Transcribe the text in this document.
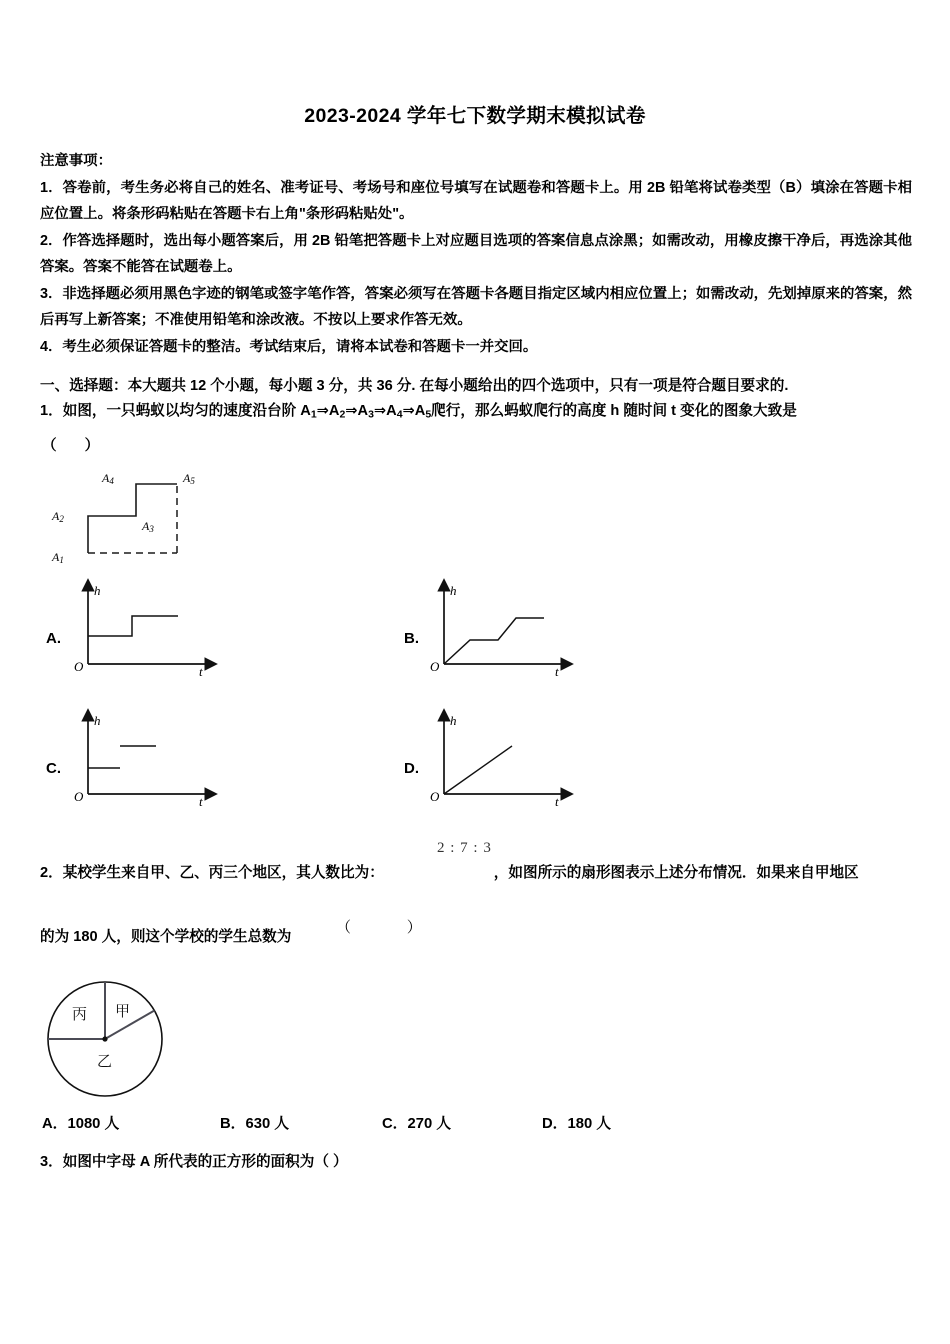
2023-2024 学年七下数学期末模拟试卷
注意事项：
1．答卷前，考生务必将自己的姓名、准考证号、考场号和座位号填写在试题卷和答题卡上。用 2B 铅笔将试卷类型（B）填涂在答题卡相应位置上。将条形码粘贴在答题卡右上角"条形码粘贴处"。
2．作答选择题时，选出每小题答案后，用 2B 铅笔把答题卡上对应题目选项的答案信息点涂黑；如需改动，用橡皮擦干净后，再选涂其他答案。答案不能答在试题卷上。
3．非选择题必须用黑色字迹的钢笔或签字笔作答，答案必须写在答题卡各题目指定区域内相应位置上；如需改动，先划掉原来的答案，然后再写上新答案；不准使用铅笔和涂改液。不按以上要求作答无效。
4．考生必须保证答题卡的整洁。考试结束后，请将本试卷和答题卡一并交回。
一、选择题：本大题共 12 个小题，每小题 3 分，共 36 分. 在每小题给出的四个选项中，只有一项是符合题目要求的.
1．如图，一只蚂蚁以均匀的速度沿台阶 $A_1\Rightarrow A_2\Rightarrow A_3\Rightarrow A_4\Rightarrow A_5$爬行，那么蚂蚁爬行的高度 h 随时间 t 变化的图象大致是
（ ）
A1
A2	A3
A4	A5
A.
h
t
O
B.
h
t
O
C.
h
t
O
D.
h
t
O
2．某校学生来自甲、乙、丙三个地区，其人数比为：	，如图所示的扇形图表示上述分布情况．如果来自甲地区
2 : 7 : 3
的为 180 人，则这个学校的学生总数为
（ ）
甲
乙
丙
A．1080 人	B．630 人	C．270 人	D．180 人
3．如图中字母 A 所代表的正方形的面积为（ ）
